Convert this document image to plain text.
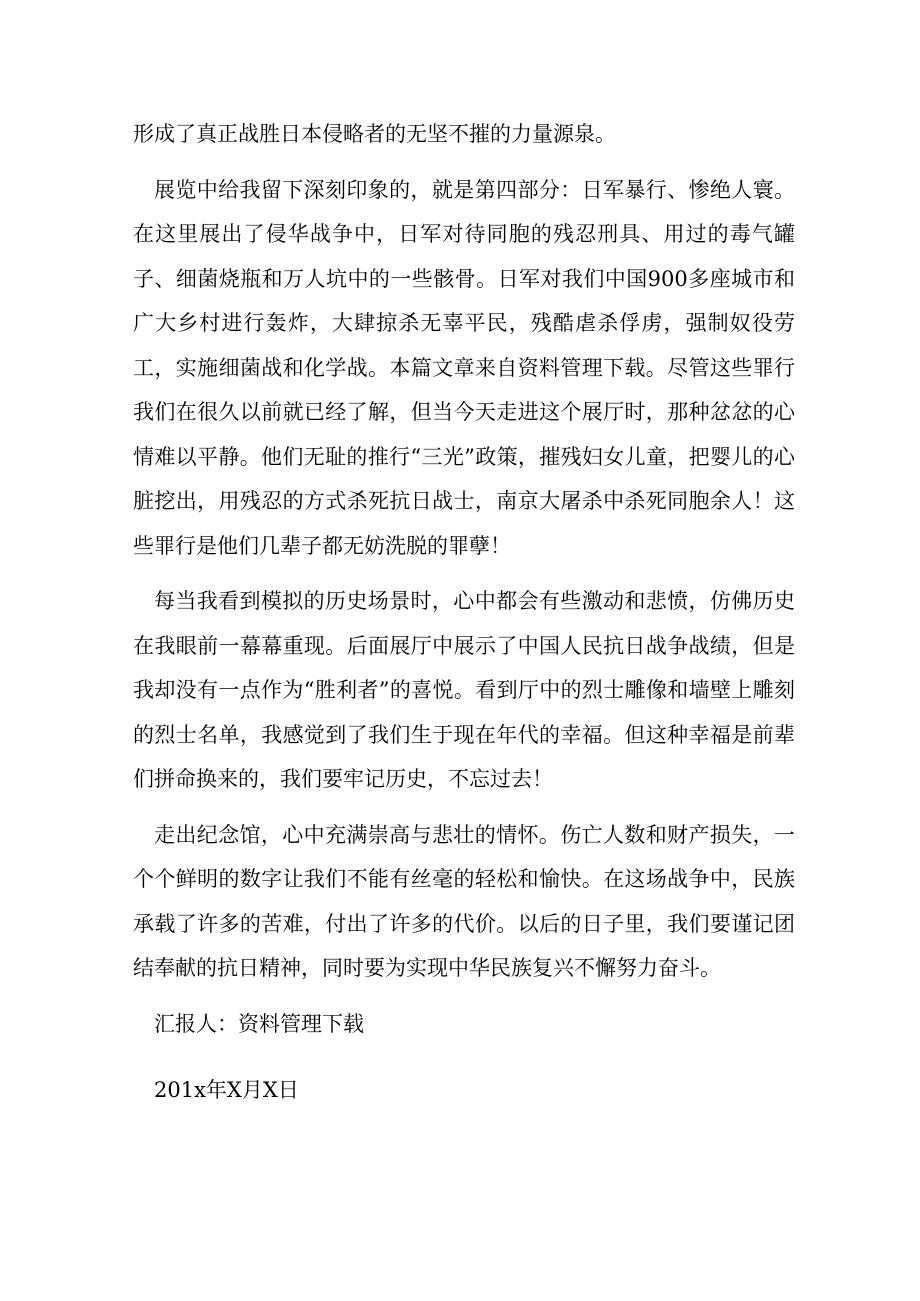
形成了真正战胜日本侵略者的无坚不摧的力量源泉。

展览中给我留下深刻印象的，就是第四部分：日军暴行、惨绝人寰。在这里展出了侵华战争中，日军对待同胞的残忍刑具、用过的毒气罐子、细菌烧瓶和万人坑中的一些骸骨。日军对我们中国900多座城市和广大乡村进行轰炸，大肆掠杀无辜平民，残酷虐杀俘虏，强制奴役劳工，实施细菌战和化学战。本篇文章来自资料管理下载。尽管这些罪行我们在很久以前就已经了解，但当今天走进这个展厅时，那种忿忿的心情难以平静。他们无耻的推行“三光”政策，摧残妇女儿童，把婴儿的心脏挖出，用残忍的方式杀死抗日战士，南京大屠杀中杀死同胞余人！这些罪行是他们几辈子都无妨洗脱的罪孽！

每当我看到模拟的历史场景时，心中都会有些激动和悲愤，仿佛历史在我眼前一幕幕重现。后面展厅中展示了中国人民抗日战争战绩，但是我却没有一点作为“胜利者”的喜悦。看到厅中的烈士雕像和墙壁上雕刻的烈士名单，我感觉到了我们生于现在年代的幸福。但这种幸福是前辈们拼命换来的，我们要牢记历史，不忘过去！

走出纪念馆，心中充满崇高与悲壮的情怀。伤亡人数和财产损失，一个个鲜明的数字让我们不能有丝毫的轻松和愉快。在这场战争中，民族承载了许多的苦难，付出了许多的代价。以后的日子里，我们要谨记团结奉献的抗日精神，同时要为实现中华民族复兴不懈努力奋斗。

汇报人：资料管理下载

201x年X月X日
